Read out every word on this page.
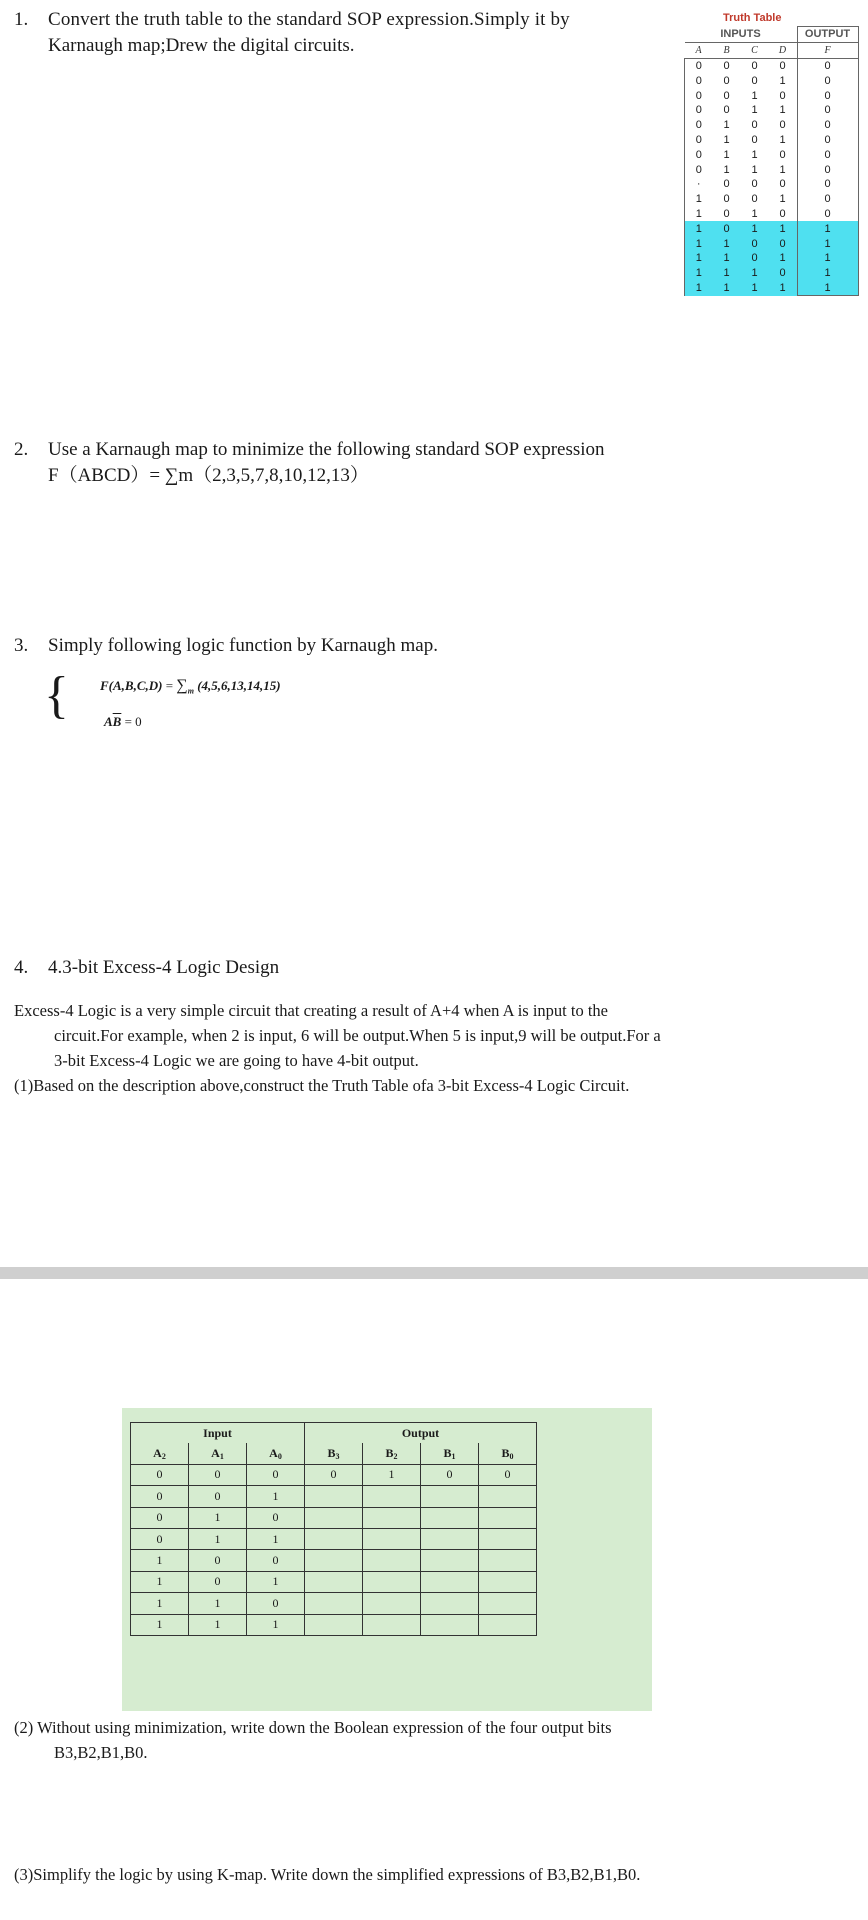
1. Convert the truth table to the standard SOP expression.Simply it by

Karnaugh map;Drew the digital circuits.

Truth Table
INPUTS				OUTPUT
A	B	C	D		F
0	0	0	0		0
0	0	0	1		0
0	0	1	0		0
0	0	1	1		0
0	1	0	0		0
0	1	0	1		0
0	1	1	0		0
0	1	1	1		0
·	0	0	0		0
1	0	0	1		0
1	0	1	0		0
1	0	1	1		1
1	1	0	0		1
1	1	0	1		1
1	1	1	0		1
1	1	1	1		1

2. Use a Karnaugh map to minimize the following standard SOP expression

F（ABCD）= ∑m（2,3,5,7,8,10,12,13）

3. Simply following logic function by Karnaugh map.

{ $F(A,B,C,D) = \sum_m$ (4,5,6,13,14,15)
$A\overline{B} = 0$

4. 4.3-bit Excess-4 Logic Design

Excess-4 Logic is a very simple circuit that creating a result of A+4 when A is input to the
circuit.For example, when 2 is input, 6 will be output.When 5 is input,9 will be output.For a
3-bit Excess-4 Logic we are going to have 4-bit output.
(1)Based on the description above,construct the Truth Table ofa 3-bit Excess-4 Logic Circuit.
Input			Output			
A2	A1	A0	B3	B2	B1	B0
0	0	0	0	1	0	0
0	0	1				
0	1	0				
0	1	1				
1	0	0				
1	0	1				
1	1	0				
1	1	1				
(2) Without using minimization, write down the Boolean expression of the four output bits
B3,B2,B1,B0.
(3)Simplify the logic by using K-map. Write down the simplified expressions of B3,B2,B1,B0.
